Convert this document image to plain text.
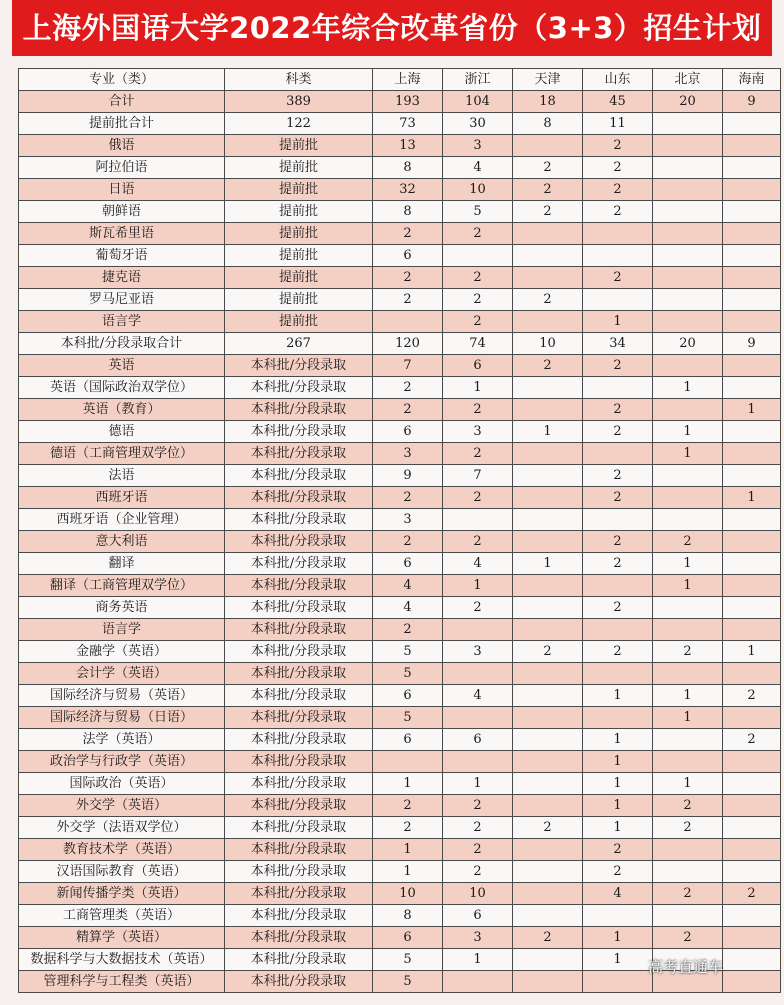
上海外国语大学2022年综合改革省份（3+3）招生计划
专业（类）	科类	上海	浙江	天津	山东	北京	海南
合计	389	193	104	18	45	20	9
提前批合计	122	73	30	8	11		
俄语	提前批	13	3		2		
阿拉伯语	提前批	8	4	2	2		
日语	提前批	32	10	2	2		
朝鲜语	提前批	8	5	2	2		
斯瓦希里语	提前批	2	2				
葡萄牙语	提前批	6					
捷克语	提前批	2	2		2		
罗马尼亚语	提前批	2	2	2			
语言学	提前批		2		1		
本科批/分段录取合计	267	120	74	10	34	20	9
英语	本科批/分段录取	7	6	2	2		
英语（国际政治双学位）	本科批/分段录取	2	1			1	
英语（教育）	本科批/分段录取	2	2		2		1
德语	本科批/分段录取	6	3	1	2	1	
德语（工商管理双学位）	本科批/分段录取	3	2			1	
法语	本科批/分段录取	9	7		2		
西班牙语	本科批/分段录取	2	2		2		1
西班牙语（企业管理）	本科批/分段录取	3					
意大利语	本科批/分段录取	2	2		2	2	
翻译	本科批/分段录取	6	4	1	2	1	
翻译（工商管理双学位）	本科批/分段录取	4	1			1	
商务英语	本科批/分段录取	4	2		2		
语言学	本科批/分段录取	2					
金融学（英语）	本科批/分段录取	5	3	2	2	2	1
会计学（英语）	本科批/分段录取	5					
国际经济与贸易（英语）	本科批/分段录取	6	4		1	1	2
国际经济与贸易（日语）	本科批/分段录取	5				1	
法学（英语）	本科批/分段录取	6	6		1		2
政治学与行政学（英语）	本科批/分段录取				1		
国际政治（英语）	本科批/分段录取	1	1		1	1	
外交学（英语）	本科批/分段录取	2	2		1	2	
外交学（法语双学位）	本科批/分段录取	2	2	2	1	2	
教育技术学（英语）	本科批/分段录取	1	2		2		
汉语国际教育（英语）	本科批/分段录取	1	2		2		
新闻传播学类（英语）	本科批/分段录取	10	10		4	2	2
工商管理类（英语）	本科批/分段录取	8	6				
精算学（英语）	本科批/分段录取	6	3	2	1	2	
数据科学与大数据技术（英语）	本科批/分段录取	5	1		1		
管理科学与工程类（英语）	本科批/分段录取	5					
高考直通车
